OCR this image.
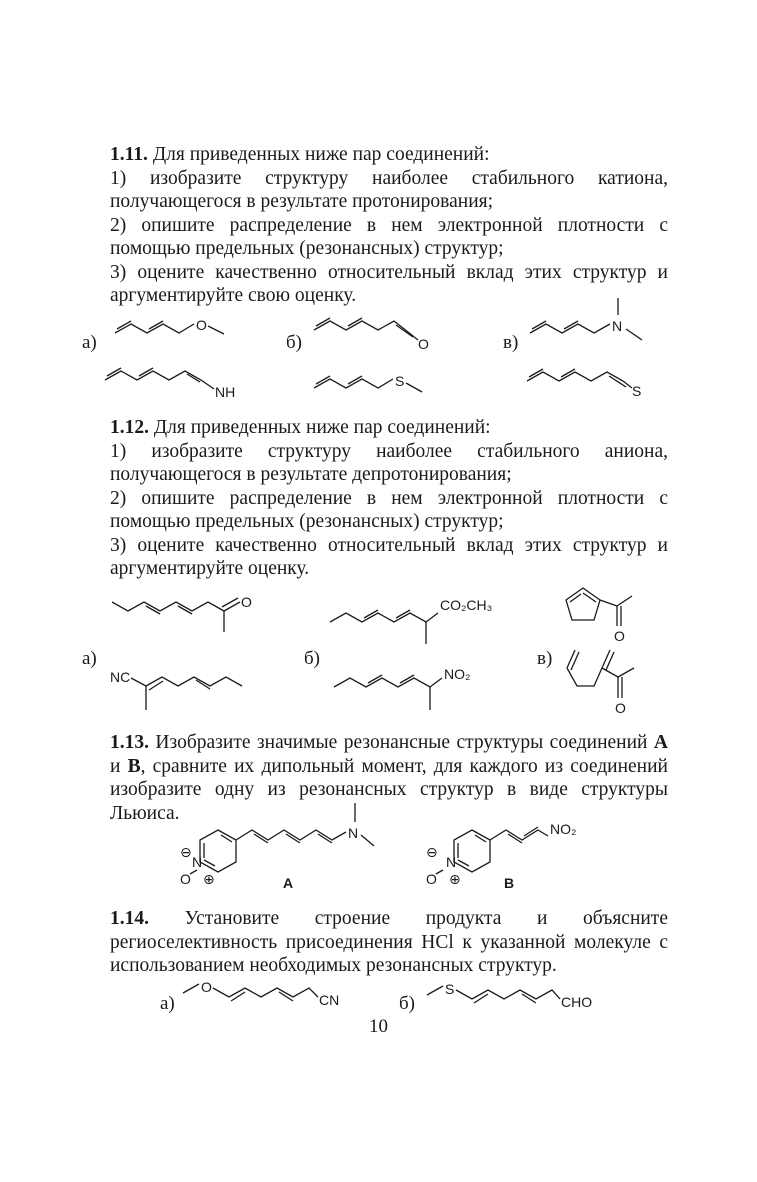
1.11. Для приведенных ниже пар соединений:
1) изобразите структуру наиболее стабильного катиона, получающегося в результате протонирования;
2) опишите распределение в нем электронной плотности с помощью предельных (резонансных) структур;
3) оцените качественно относительный вклад этих структур и аргументируйте свою оценку.
а)	б)	в)
O
NH
O
S
N
S
1.12. Для приведенных ниже пар соединений:
1) изобразите структуру наиболее стабильного аниона, получающегося в результате депротонирования;
2) опишите распределение в нем электронной плотности с помощью предельных (резонансных) структур;
3) оцените качественно относительный вклад этих структур и аргументируйте оценку.
а)	б)	в)
O
NC
CO₂CH₃
NO₂
O
O
1.13. Изобразите значимые резонансные структуры соединений A и B, сравните их дипольный момент, для каждого из соединений изобразите одну из резонансных структур в виде структуры Льюиса.
N
⊖
⊕
O
N
A
N
⊖
⊕
O
NO₂
B
1.14. Установите строение продукта и объясните региоселективность присоединения HCl к указанной молекуле с использованием необходимых резонансных структур.
а)	б)
O
CN
S
CHO
10
